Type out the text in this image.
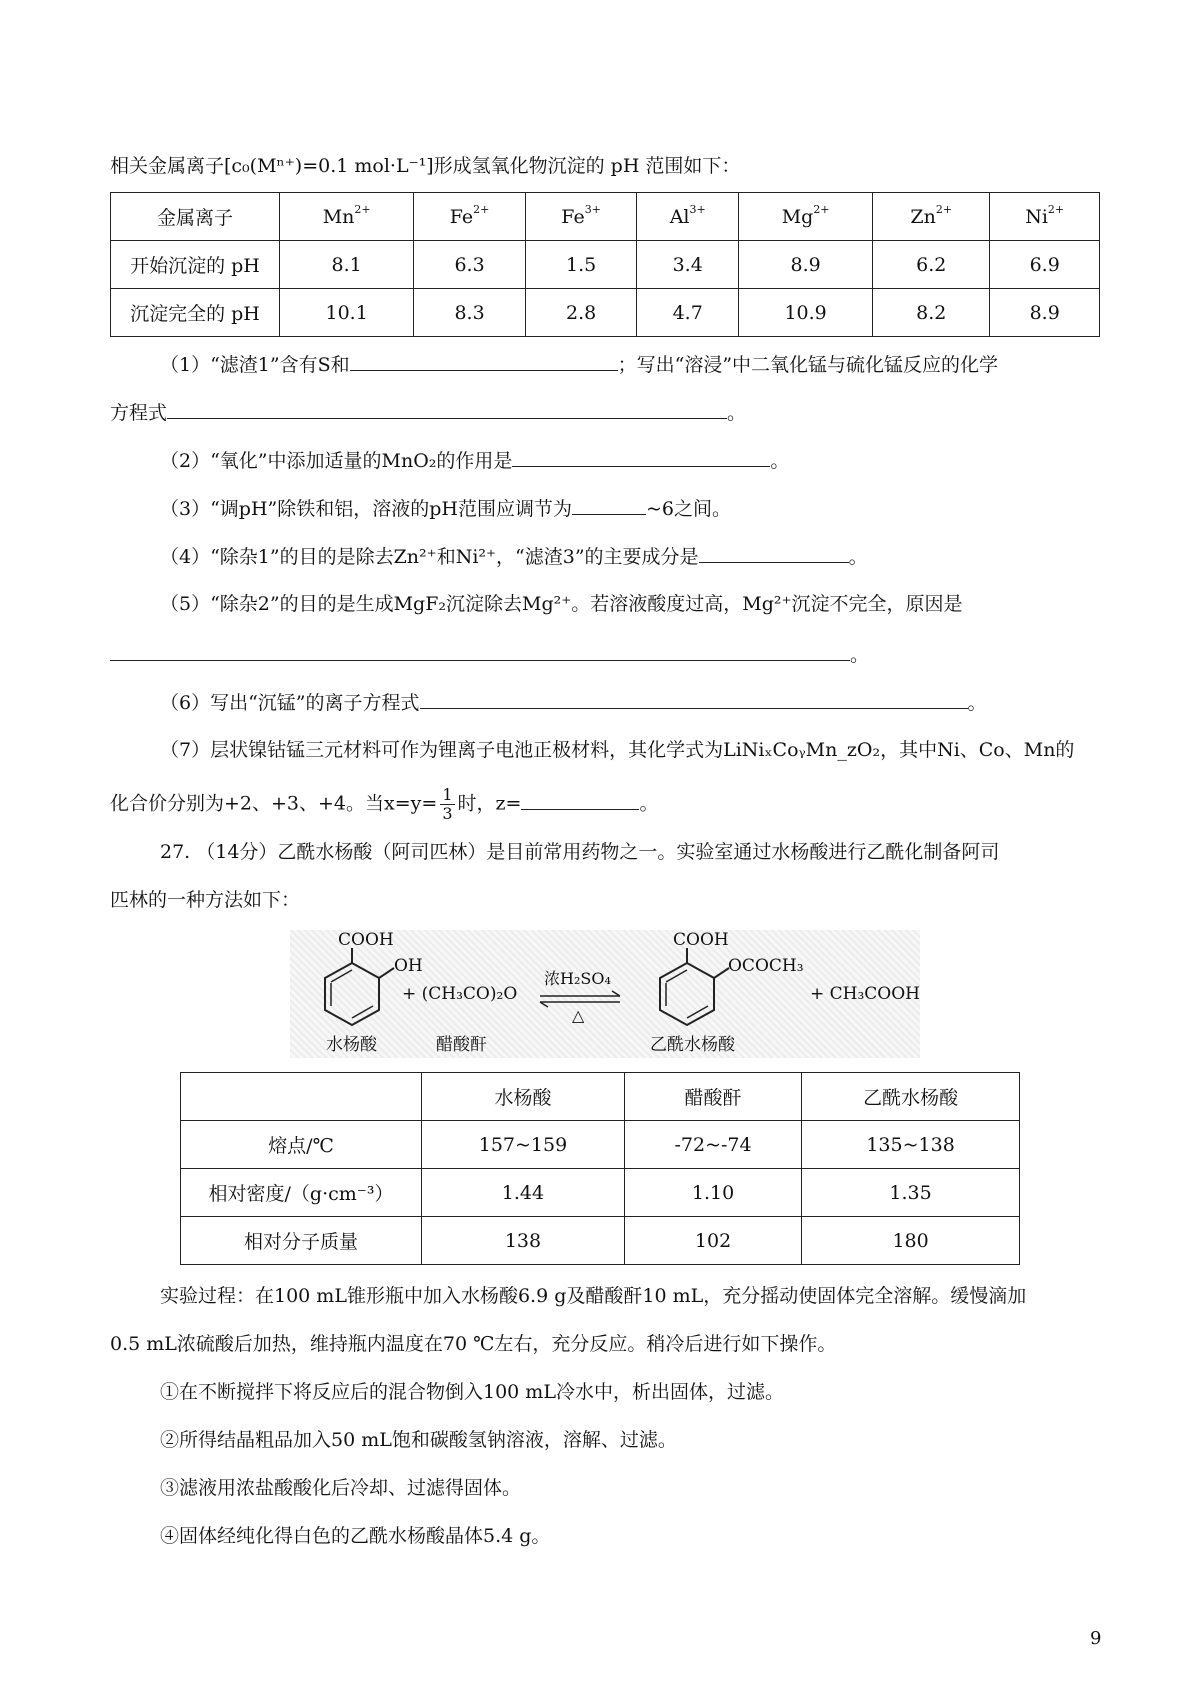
相关金属离子[c₀(Mⁿ⁺)=0.1 mol·L⁻¹]形成氢氧化物沉淀的 pH 范围如下：
金属离子	$Mn^{2+}$	$Fe^{2+}$	$Fe^{3+}$	$Al^{3+}$	$Mg^{2+}$	$Zn^{2+}$	$Ni^{2+}$
开始沉淀的 pH	8.1	6.3	1.5	3.4	8.9	6.2	6.9
沉淀完全的 pH	10.1	8.3	2.8	4.7	10.9	8.2	8.9
（1）“滤渣1”含有S和	；写出“溶浸”中二氧化锰与硫化锰反应的化学
方程式	。
（2）“氧化”中添加适量的MnO₂的作用是	。
（3）“调pH”除铁和铝，溶液的pH范围应调节为	~6之间。
（4）“除杂1”的目的是除去Zn²⁺和Ni²⁺，“滤渣3”的主要成分是	。
（5）“除杂2”的目的是生成MgF₂沉淀除去Mg²⁺。若溶液酸度过高，Mg²⁺沉淀不完全，原因是
。
（6）写出“沉锰”的离子方程式	。
（7）层状镍钴锰三元材料可作为锂离子电池正极材料，其化学式为LiNiₓCoᵧMn_zO₂，其中Ni、Co、Mn的
化合价分别为+2、+3、+4。当$x=y= \frac{1}{3}$ 时，z=	。
27. （14分）乙酰水杨酸（阿司匹林）是目前常用药物之一。实验室通过水杨酸进行乙酰化制备阿司
匹林的一种方法如下：
COOH
OH
水杨酸
+ (CH₃CO)₂O
醋酸酐
浓H₂SO₄
△
COOH
OCOCH₃
乙酰水杨酸
+ CH₃COOH
	水杨酸	醋酸酐	乙酰水杨酸
熔点/℃	157~159	-72~-74	135~138
相对密度/（g·cm⁻³）	1.44	1.10	1.35
相对分子质量	138	102	180
实验过程：在100 mL锥形瓶中加入水杨酸6.9 g及醋酸酐10 mL，充分摇动使固体完全溶解。缓慢滴加
0.5 mL浓硫酸后加热，维持瓶内温度在70 ℃左右，充分反应。稍冷后进行如下操作。
①在不断搅拌下将反应后的混合物倒入100 mL冷水中，析出固体，过滤。
②所得结晶粗品加入50 mL饱和碳酸氢钠溶液，溶解、过滤。
③滤液用浓盐酸酸化后冷却、过滤得固体。
④固体经纯化得白色的乙酰水杨酸晶体5.4 g。
9
